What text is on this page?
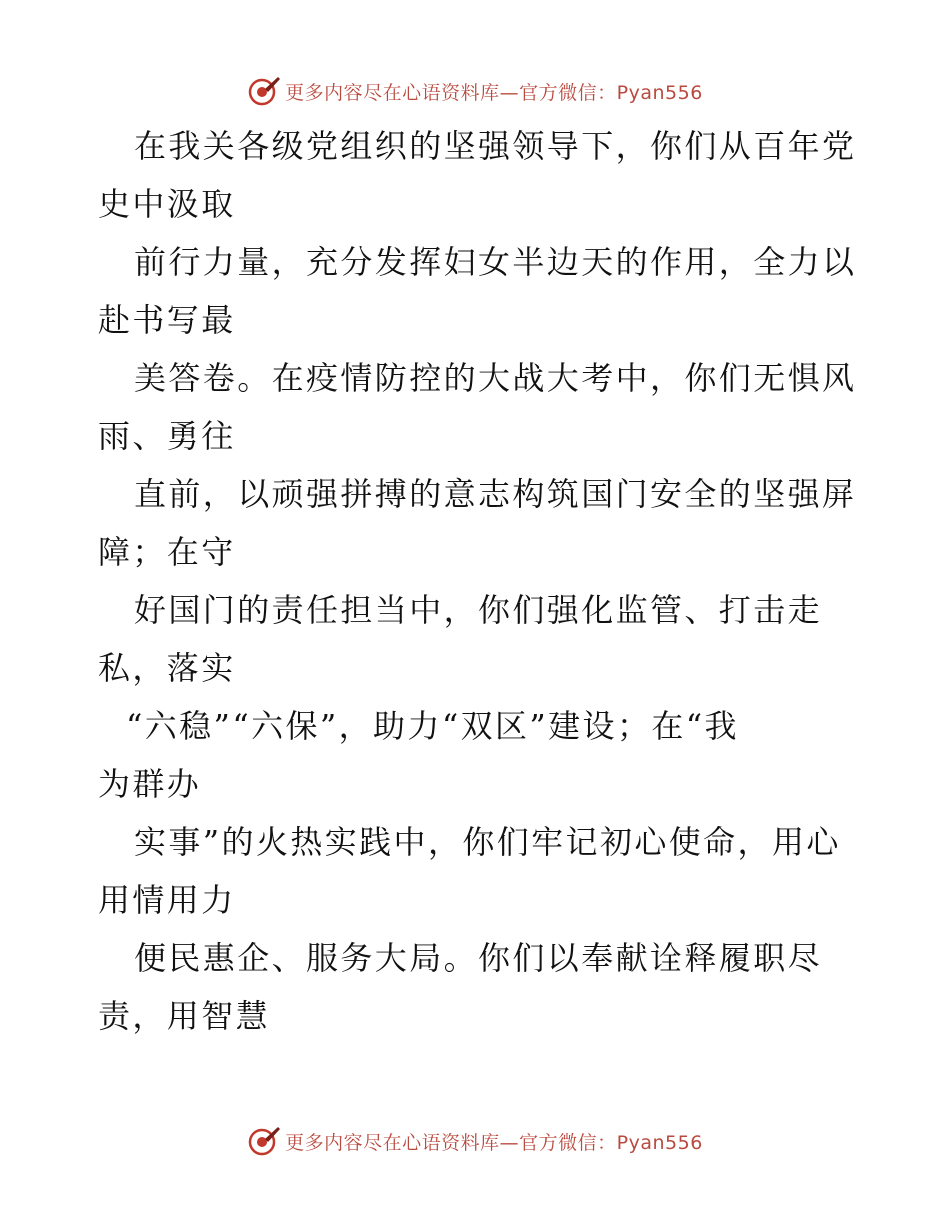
更多内容尽在心语资料库—官方微信：Pyan556
在我关各级党组织的坚强领导下，你们从百年党
史中汲取
前行力量，充分发挥妇女半边天的作用，全力以
赴书写最
美答卷。在疫情防控的大战大考中，你们无惧风
雨、勇往
直前，以顽强拼搏的意志构筑国门安全的坚强屏
障；在守
好国门的责任担当中，你们强化监管、打击走
私，落实
“六稳”“六保”，助力“双区”建设；在“我
为群办
实事”的火热实践中，你们牢记初心使命，用心
用情用力
便民惠企、服务大局。你们以奉献诠释履职尽
责，用智慧
更多内容尽在心语资料库—官方微信：Pyan556
